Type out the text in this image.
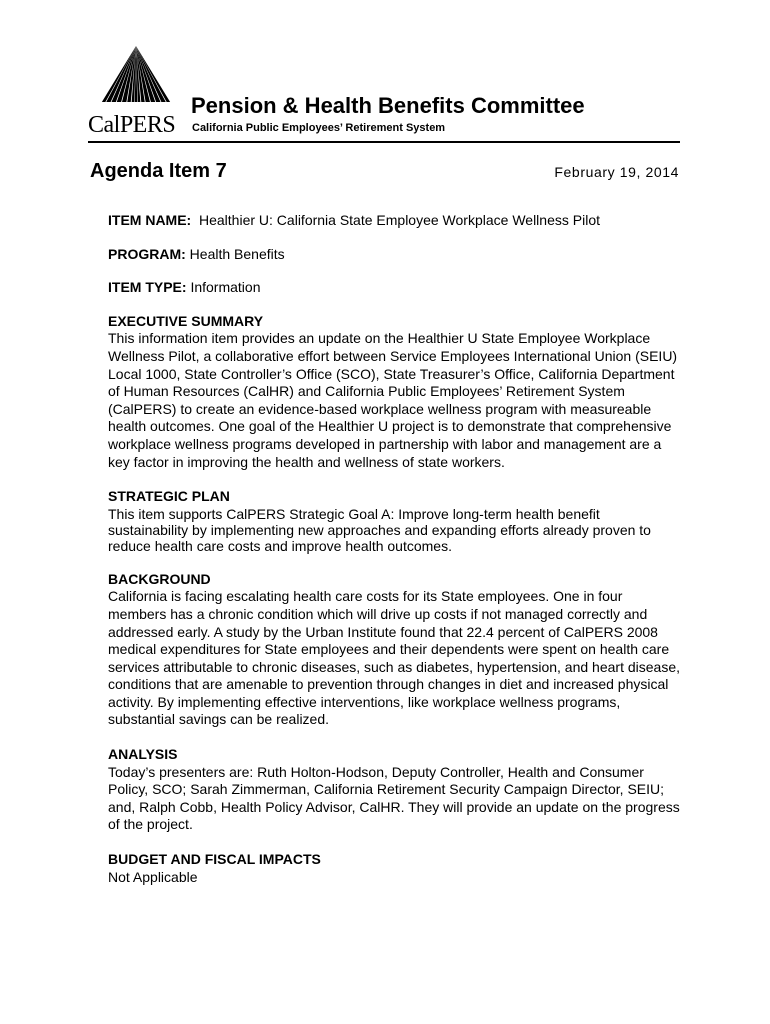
CalPERS
Pension & Health Benefits Committee
California Public Employees’ Retirement System
Agenda Item 7	February 19, 2014
ITEM NAME: Healthier U: California State Employee Workplace Wellness Pilot
PROGRAM: Health Benefits
ITEM TYPE: Information
EXECUTIVE SUMMARY

This information item provides an update on the Healthier U State Employee Workplace Wellness Pilot, a collaborative effort between Service Employees International Union (SEIU) Local 1000, State Controller’s Office (SCO), State Treasurer’s Office, California Department of Human Resources (CalHR) and California Public Employees’ Retirement System (CalPERS) to create an evidence-based workplace wellness program with measureable health outcomes. One goal of the Healthier U project is to demonstrate that comprehensive workplace wellness programs developed in partnership with labor and management are a key factor in improving the health and wellness of state workers.

STRATEGIC PLAN

This item supports CalPERS Strategic Goal A: Improve long-term health benefit sustainability by implementing new approaches and expanding efforts already proven to reduce health care costs and improve health outcomes.

BACKGROUND

California is facing escalating health care costs for its State employees. One in four members has a chronic condition which will drive up costs if not managed correctly and addressed early. A study by the Urban Institute found that 22.4 percent of CalPERS 2008 medical expenditures for State employees and their dependents were spent on health care services attributable to chronic diseases, such as diabetes, hypertension, and heart disease, conditions that are amenable to prevention through changes in diet and increased physical activity. By implementing effective interventions, like workplace wellness programs, substantial savings can be realized.

ANALYSIS

Today’s presenters are: Ruth Holton-Hodson, Deputy Controller, Health and Consumer Policy, SCO; Sarah Zimmerman, California Retirement Security Campaign Director, SEIU; and, Ralph Cobb, Health Policy Advisor, CalHR. They will provide an update on the progress of the project.

BUDGET AND FISCAL IMPACTS

Not Applicable
